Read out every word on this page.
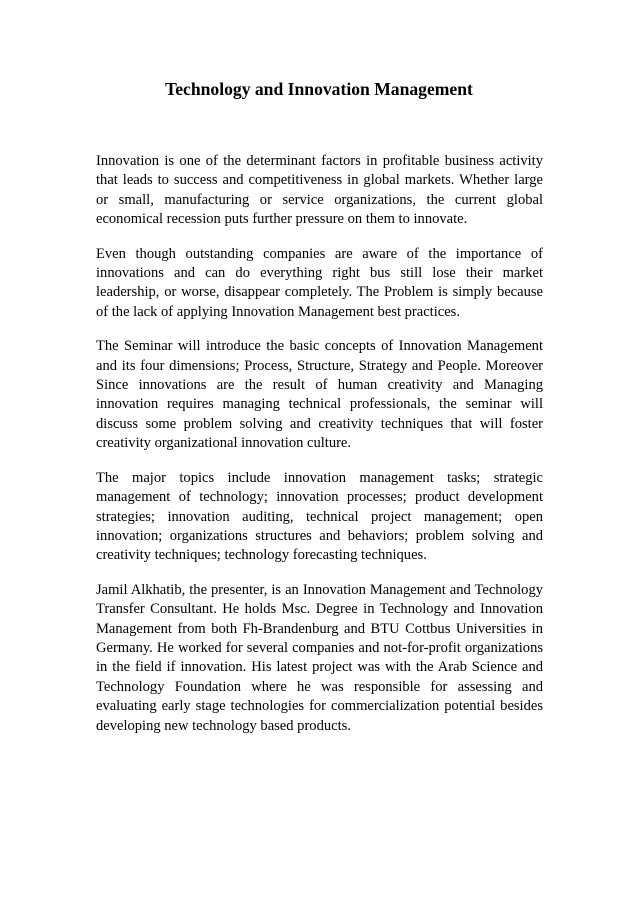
Technology and Innovation Management

Innovation is one of the determinant factors in profitable business activity that leads to success and competitiveness in global markets. Whether large or small, manufacturing or service organizations, the current global economical recession puts further pressure on them to innovate.

Even though outstanding companies are aware of the importance of innovations and can do everything right bus still lose their market leadership, or worse, disappear completely. The Problem is simply because of the lack of applying Innovation Management best practices.

The Seminar will introduce the basic concepts of Innovation Management and its four dimensions; Process, Structure, Strategy and People. Moreover Since innovations are the result of human creativity and Managing innovation requires managing technical professionals, the seminar will discuss some problem solving and creativity techniques that will foster creativity organizational innovation culture.

The major topics include innovation management tasks; strategic management of technology; innovation processes; product development strategies; innovation auditing, technical project management; open innovation; organizations structures and behaviors; problem solving and creativity techniques; technology forecasting techniques.

Jamil Alkhatib, the presenter, is an Innovation Management and Technology Transfer Consultant. He holds Msc. Degree in Technology and Innovation Management from both Fh-Brandenburg and BTU Cottbus Universities in Germany. He worked for several companies and not-for-profit organizations in the field if innovation. His latest project was with the Arab Science and Technology Foundation where he was responsible for assessing and evaluating early stage technologies for commercialization potential besides developing new technology based products.
